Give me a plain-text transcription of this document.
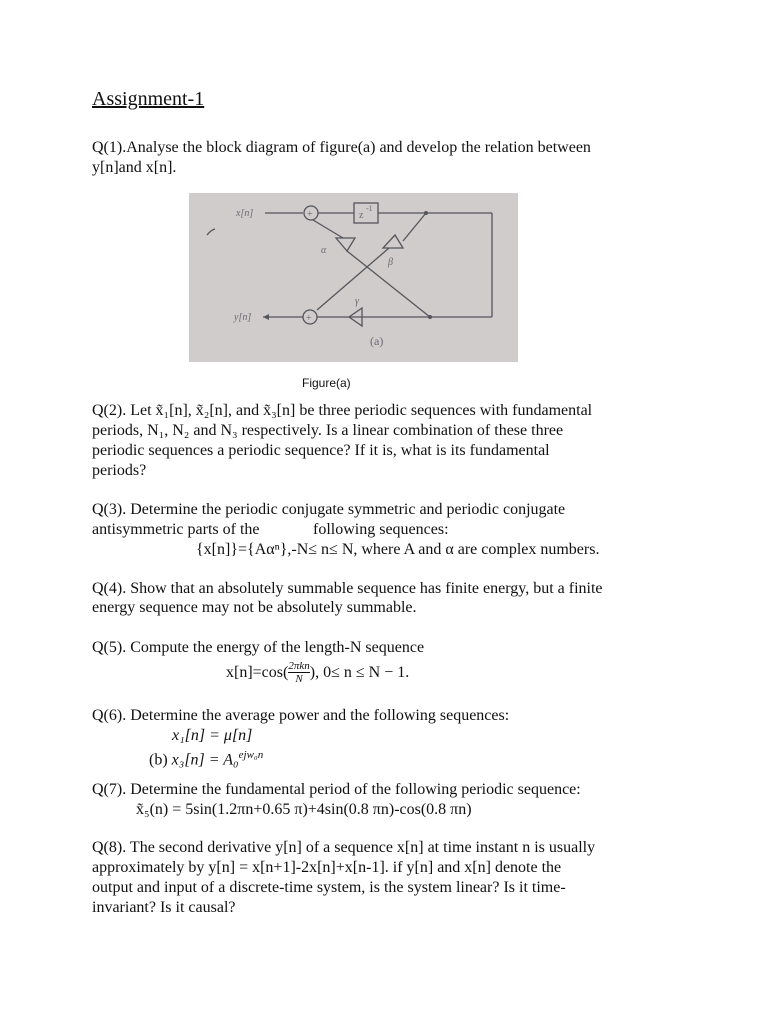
Assignment-1
Q(1).Analyse the block diagram of figure(a) and develop the relation between
y[n]and x[n].
x[n]	+	z
-1
α
β
γ
+
y[n]
(a)
Figure(a)
Q(2). Let x̃₁[n], x̃₂[n], and x̃₃[n] be three periodic sequences with fundamental
periods, N₁, N₂ and N₃ respectively. Is a linear combination of these three
periodic sequences a periodic sequence? If it is, what is its fundamental
periods?
Q(3). Determine the periodic conjugate symmetric and periodic conjugate
antisymmetric parts of the	following sequences:
{x[n]}={Aαⁿ},-N≤ n≤ N, where A and α are complex numbers.
Q(4). Show that an absolutely summable sequence has finite energy, but a finite
energy sequence may not be absolutely summable.
Q(5). Compute the energy of the length-N sequence
x[n]=cos( 2πkn
N ), 0≤ n ≤ N − 1.
Q(6). Determine the average power and the following sequences:
x₁[n] = μ[n]
(b) x₃[n] = A₀$^{ejw_0n}$
Q(7). Determine the fundamental period of the following periodic sequence:
x̃₅(n) = 5sin(1.2πn+0.65 π)+4sin(0.8 πn)-cos(0.8 πn)
Q(8). The second derivative y[n] of a sequence x[n] at time instant n is usually
approximately by y[n] = x[n+1]-2x[n]+x[n-1]. if y[n] and x[n] denote the
output and input of a discrete-time system, is the system linear? Is it time-
invariant? Is it causal?
